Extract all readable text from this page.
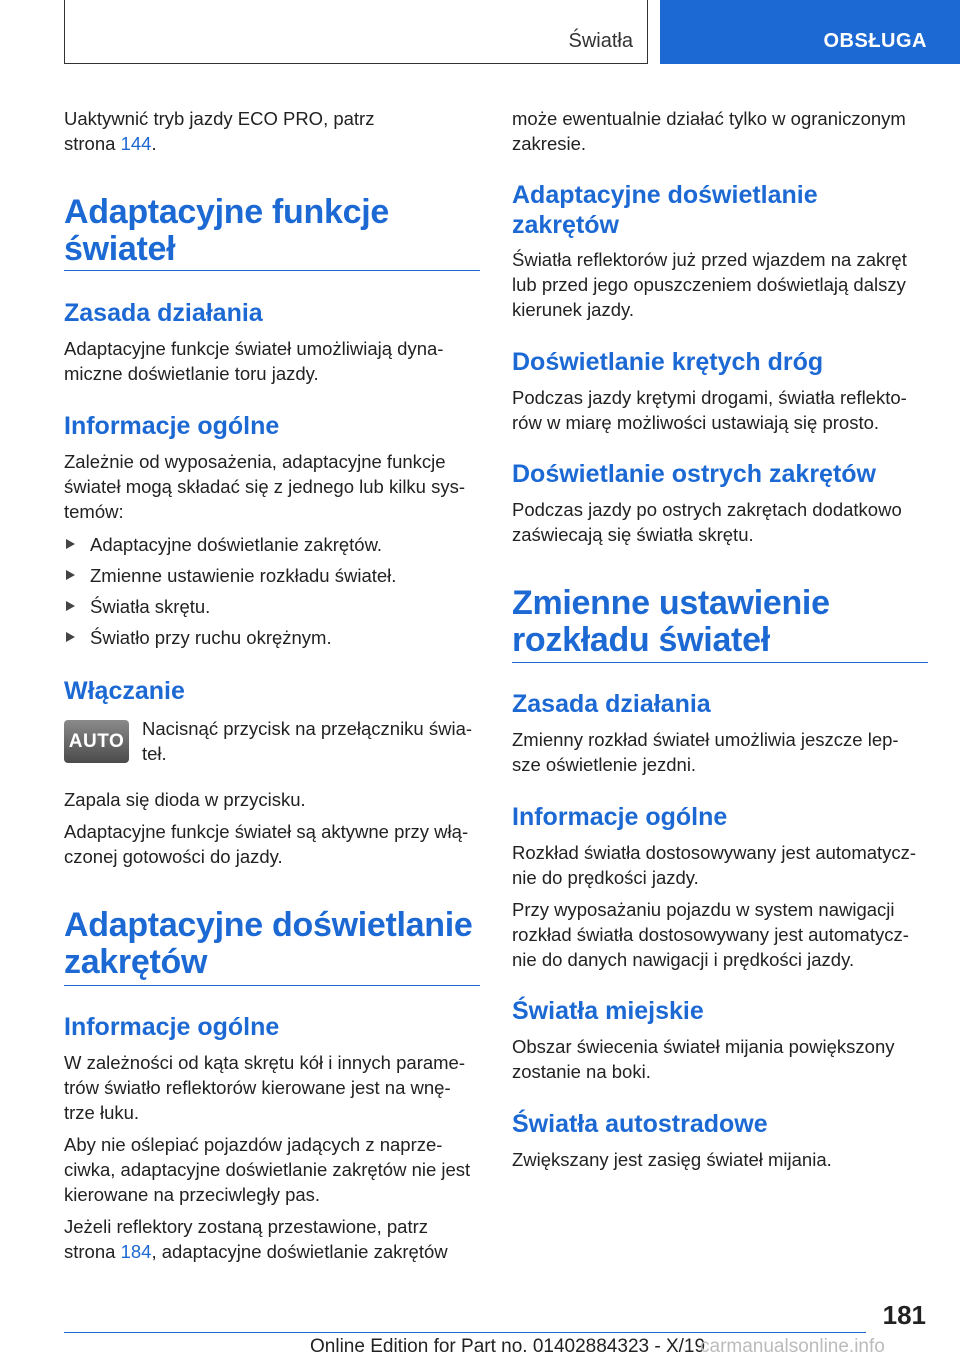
Światła	OBSŁUGA

Uaktywnić tryb jazdy ECO PRO, patrz

strona 144.

Adaptacyjne funkcje
świateł
Zasada działania

Adaptacyjne funkcje świateł umożliwiają dyna‐

miczne doświetlanie toru jazdy.

Informacje ogólne

Zależnie od wyposażenia, adaptacyjne funkcje

świateł mogą składać się z jednego lub kilku sys‐

temów:

Adaptacyjne doświetlanie zakrętów.
Zmienne ustawienie rozkładu świateł.
Światła skrętu.
Światło przy ruchu okrężnym.
Włączanie
AUTO

Nacisnąć przycisk na przełączniku świa‐

teł.

Zapala się dioda w przycisku.

Adaptacyjne funkcje świateł są aktywne przy włą‐

czonej gotowości do jazdy.

Adaptacyjne doświetlanie
zakrętów
Informacje ogólne

W zależności od kąta skrętu kół i innych parame‐

trów światło reflektorów kierowane jest na wnę‐

trze łuku.

Aby nie oślepiać pojazdów jadących z naprze‐

ciwka, adaptacyjne doświetlanie zakrętów nie jest

kierowane na przeciwległy pas.

Jeżeli reflektory zostaną przestawione, patrz

strona 184, adaptacyjne doświetlanie zakrętów

może ewentualnie działać tylko w ograniczonym

zakresie.

Adaptacyjne doświetlanie
zakrętów

Światła reflektorów już przed wjazdem na zakręt

lub przed jego opuszczeniem doświetlają dalszy

kierunek jazdy.

Doświetlanie krętych dróg

Podczas jazdy krętymi drogami, światła reflekto‐

rów w miarę możliwości ustawiają się prosto.

Doświetlanie ostrych zakrętów

Podczas jazdy po ostrych zakrętach dodatkowo

zaświecają się światła skrętu.

Zmienne ustawienie
rozkładu świateł
Zasada działania

Zmienny rozkład świateł umożliwia jeszcze lep‐

sze oświetlenie jezdni.

Informacje ogólne

Rozkład światła dostosowywany jest automatycz‐

nie do prędkości jazdy.

Przy wyposażaniu pojazdu w system nawigacji

rozkład światła dostosowywany jest automatycz‐

nie do danych nawigacji i prędkości jazdy.

Światła miejskie

Obszar świecenia świateł mijania powiększony

zostanie na boki.

Światła autostradowe

Zwiększany jest zasięg świateł mijania.

181
Online Edition for Part no. 01402884323 - X/19
carmanualsonline.info
